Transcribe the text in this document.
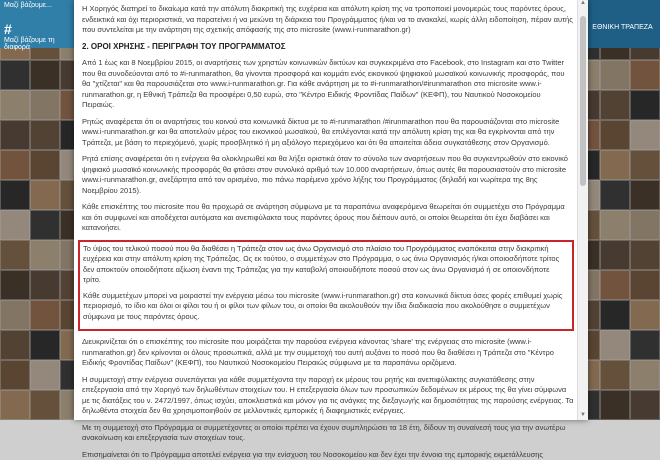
Μαζί βάζουμε...
#
Μαζί βάζουμε τη διαφορά
ΕΘΝΙΚΗ ΤΡΑΠΕΖΑ

Η Χορηγός διατηρεί το δικαίωμα κατά την απόλυτη διακριτική της ευχέρεια και απόλυτη κρίση της να τροποποιεί μονομερώς τους παρόντες όρους, ενδεικτικά και όχι περιοριστικά, να παρατείνει ή να μειώνει τη διάρκεια του Προγράμματος ή/και να το ανακαλεί, κωρίς άλλη ειδοποίηση, πέραν αυτής που συντελείται με την ανάρτηση της σχετικής απόφασής της στο microsite (www.i-runmarathon.gr)

2. ΟΡΟΙ ΧΡΗΣΗΣ - ΠΕΡΙΓΡΑΦΗ ΤΟΥ ΠΡΟΓΡΑΜΜΑΤΟΣ

Από 1 έως και 8 Νοεμβρίου 2015, οι αναρτήσεις των χρηστών κοινωνικών δικτύων και συγκεκριμένα στο Facebook, στο Instagram και στο Twitter που θα συνοδεύονται από το #i-runmarathon, θα γίνονται προσφορά και κομμάτι ενός εικονικού ψηφιακού μωσαϊκού κοινωνικής προσφοράς, που θα "χτίζεται" και θα παρουσιάζεται στο www.i-runmarathon.gr. Για κάθε ανάρτηση με το #i-runmarathon/#irunmarathon στο microsite www.i-runmarathon.gr, η Εθνική Τράπεζα θα προσφέρει 0,50 ευρώ, στο "Κέντρο Ειδικής Φροντίδας Παίδων" (ΚΕΦΠ), του Ναυτικού Νοσοκομείου Πειραιώς.

Ρητώς αναφέρεται ότι οι αναρτήσεις του κοινού στα κοινωνικά δίκτυα με το #i-runmarathon /#irunmarathon που θα παρουσιάζονται στο microsite www.i-runmarathon.gr και θα αποτελούν μέρος του εικονικού μωσαϊκού, θα επιλέγονται κατά την απόλυτη κρίση της και θα εγκρίνονται από την Τράπεζα, με βάση το περιεχόμενό, χωρίς προσβλητικό ή μη αξιόλογο περιεχόμενο και ότι θα απαιτείται άδεια συγκατάθεσης στον Οργανισμό.

Ρητά επίσης αναφέρεται ότι η ενέργεια θα ολοκληρωθεί και θα λήξει οριστικά όταν το σύνολο των αναρτήσεων που θα συγκεντρωθούν στο εικονικό ψηφιακό μωσαϊκό κοινωνικής προσφοράς θα φτάσει στον συνολικό αριθμό των 10.000 αναρτήσεων, όπως αυτές θα παρουσιαστούν στο microsite www.i-runmarathon.gr, ανεξάρτητα από τον ορισμένο, πιο πάνω παρέμενο χρόνο λήξης του Προγράμματος (δηλαδή και νωρίτερα της 8ης Νοεμβρίου 2015).

Κάθε επισκέπτης του microsite που θα προχωρά σε ανάρτηση σύμφωνα με τα παραπάνω αναφερόμενα θεωρείται ότι συμμετέχει στο Πρόγραμμα και ότι συμφωνεί και αποδέχεται αυτόματα και ανεπιφύλακτα τους παρόντες όρους που διέπουν αυτό, οι οποίοι θεωρείται ότι έχει διαβάσει και κατανοήσει.

Το ύψος του τελικού ποσού που θα διαθέσει η Τράπεζα στον ως άνω Οργανισμό στο πλαίσιο του Προγράμματος εναπόκειται στην διακριτική ευχέρεια και στην απόλυτη κρίση της Τράπεζας. Ως εκ τούτου, ο συμμετέχων στο Πρόγραμμα, ο ως άνω Οργανισμός ή/και οποιοσδήποτε τρίτος δεν αποκτούν οποιοδήποτε αξίωση έναντι της Τράπεζας για την καταβολή οποιουδήποτε ποσού στον ως άνω Οργανισμό ή σε οποιονδήποτε τρίτο.

Κάθε συμμετέχων μπορεί να μοιραστεί την ενέργεια μέσω του microsite (www.i-runmarathon.gr) στα κοινωνικά δίκτυα όσες φορές επιθυμεί χωρίς περιορισμό, το ίδιο και όλοι οι φίλοι του ή οι φίλοι των φίλων του, οι οποίοι θα ακολουθούν την ίδια διαδικασία που ακολούθησε ο συμμετέχων σύμφωνα με τους παρόντες όρους.

Διευκρινίζεται ότι ο επισκέπτης του microsite που μοιράζεται την παρούσα ενέργεια κάνοντας 'share' της ενέργειας στο microsite (www.i-runmarathon.gr) δεν κρίνονται οι όλους προσωπικά, αλλά με την συμμετοχή του αυτή αυξάνει το ποσό που θα διαθέσει η Τράπεζα στο "Κέντρο Ειδικής Φροντίδας Παίδων" (ΚΕΦΠ), του Ναυτικού Νοσοκομείου Πειραιώς σύμφωνα με τα παραπάνω οριζόμενα.

Η συμμετοχή στην ενέργεια συνεπάγεται για κάθε συμμετέχοντα την παροχή εκ μέρους του ρητής και ανεπιφύλακτης συγκατάθεσης στην επεξεργασία από την Χορηγό των δηλωθέντων στοιχείων του. Η επεξεργασία όλων των προσωπικών δεδομένων εκ μέρους της θα γίνει σύμφωνα με τις διατάξεις του ν. 2472/1997, όπως ισχύει, αποκλειστικά και μόνον για τις ανάγκες της διεξαγωγής και δημοσιότητας της παρούσης ενέργειας. Τα δηλωθέντα στοιχεία δεν θα χρησιμοποιηθούν σε μελλοντικές εμπορικές ή διαφημιστικές ενέργειες.

Με τη συμμετοχή στο Πρόγραμμα οι συμμετέχοντες οι οποίοι πρέπει να έχουν συμπληρώσει τα 18 έτη, δίδουν τη συναίνεσή τους για την ανωτέρω ανακοίνωση και επεξεργασία των στοιχείων τους.

Επισημαίνεται ότι το Πρόγραμμα αποτελεί ενέργεια για την ενίσχυση του Νοσοκομείου και δεν έχει την έννοια της εμπορικής εκμετάλλευσης

▲
▼
